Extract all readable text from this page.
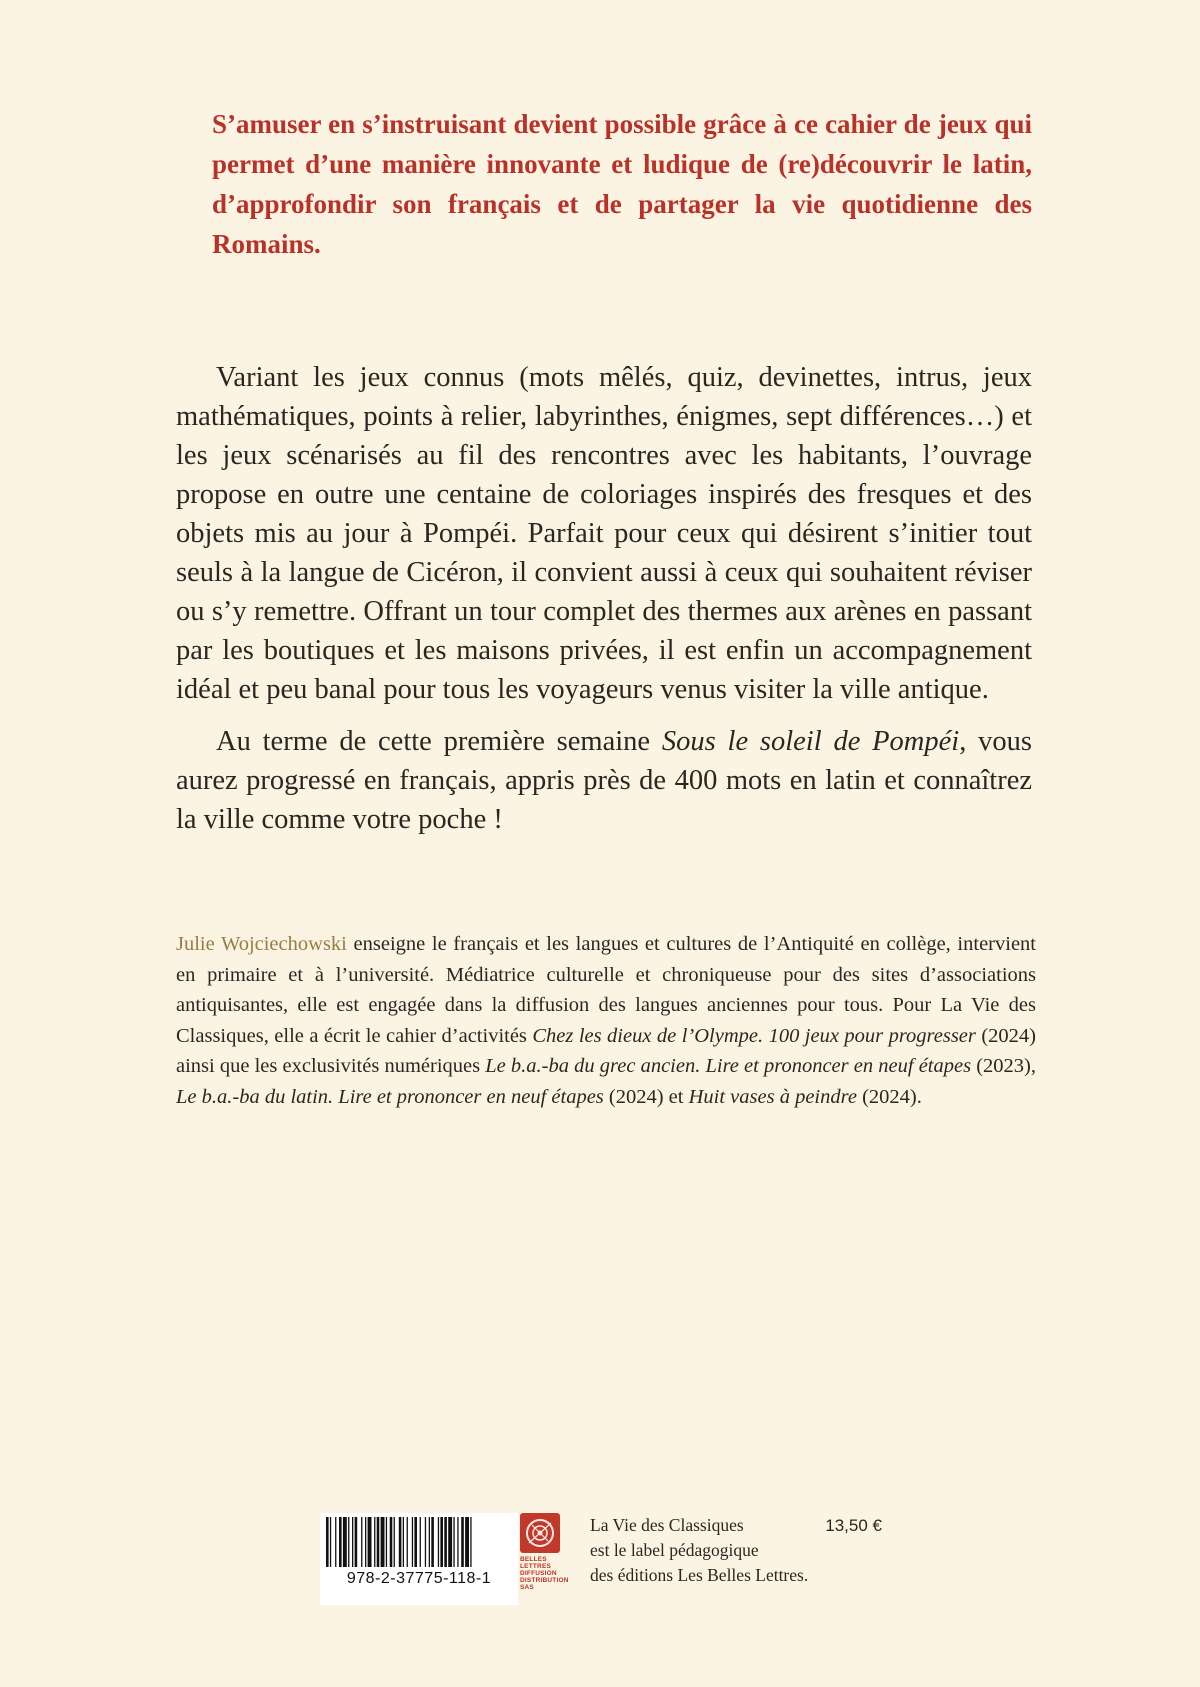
S’amuser en s’instruisant devient possible grâce à ce cahier de jeux qui permet d’une manière innovante et ludique de (re)découvrir le latin, d’approfondir son français et de partager la vie quotidienne des Romains.

Variant les jeux connus (mots mêlés, quiz, devinettes, intrus, jeux mathématiques, points à relier, labyrinthes, énigmes, sept différences…) et les jeux scénarisés au fil des rencontres avec les habitants, l’ouvrage propose en outre une centaine de coloriages inspirés des fresques et des objets mis au jour à Pompéi. Parfait pour ceux qui désirent s’initier tout seuls à la langue de Cicéron, il convient aussi à ceux qui souhaitent réviser ou s’y remettre. Offrant un tour complet des thermes aux arènes en passant par les boutiques et les maisons privées, il est enfin un accompagnement idéal et peu banal pour tous les voyageurs venus visiter la ville antique.

Au terme de cette première semaine Sous le soleil de Pompéi, vous aurez progressé en français, appris près de 400 mots en latin et connaîtrez la ville comme votre poche !

Julie Wojciechowski enseigne le français et les langues et cultures de l’Antiquité en collège, intervient en primaire et à l’université. Médiatrice culturelle et chroniqueuse pour des sites d’associations antiquisantes, elle est engagée dans la diffusion des langues anciennes pour tous. Pour La Vie des Classiques, elle a écrit le cahier d’activités Chez les dieux de l’Olympe. 100 jeux pour progresser (2024) ainsi que les exclusivités numériques Le b.a.-ba du grec ancien. Lire et prononcer en neuf étapes (2023), Le b.a.-ba du latin. Lire et prononcer en neuf étapes (2024) et Huit vases à peindre (2024).

978-2-37775-118-1
BELLES LETTRES
DIFFUSION
DISTRIBUTION
SAS
La Vie des Classiques
est le label pédagogique
des éditions Les Belles Lettres.
13,50 €
